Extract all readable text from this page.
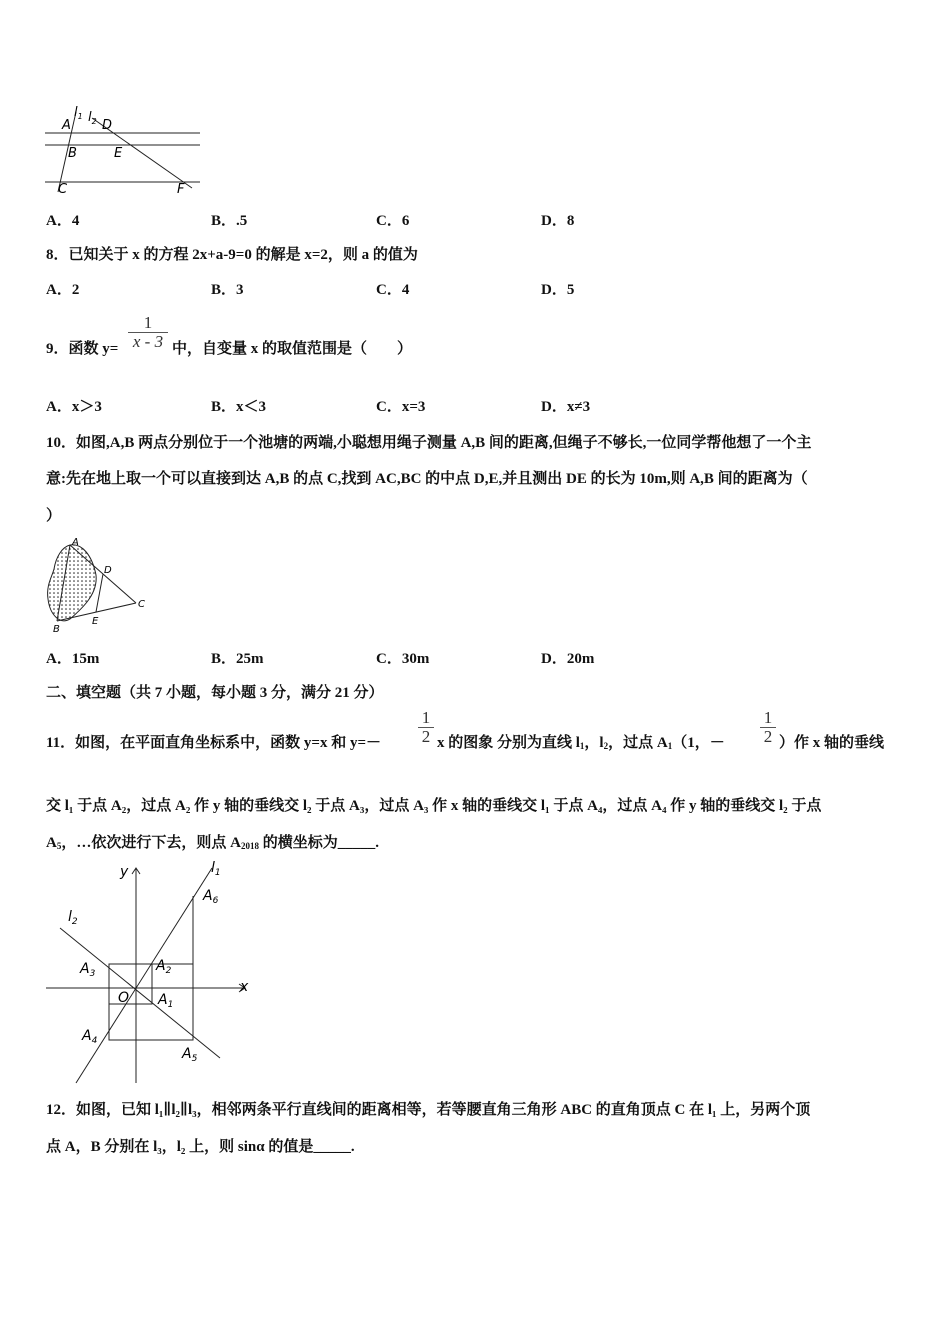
$l_1$ $l_2$
A D
B	E
C	F
A．4	B．.5	C．6	D．8
8．已知关于 x 的方程 2x+a-9=0 的解是 x=2，则 a 的值为
A．2	B．3	C．4	D．5
9．函数 y=
1
x - 3 中，自变量 x 的取值范围是（　　）
A．x＞3	B．x＜3	C．x=3	D．x≠3
10．如图,A,B 两点分别位于一个池塘的两端,小聪想用绳子测量 A,B 间的距离,但绳子不够长,一位同学帮他想了一个主
意:先在地上取一个可以直接到达 A,B 的点 C,找到 AC,BC 的中点 D,E,并且测出 DE 的长为 10m,则 A,B 间的距离为（
）
A
B
C
D
E
A．15m	B．25m	C．30m	D．20m
二、填空题（共 7 小题，每小题 3 分，满分 21 分）
11．如图，在平面直角坐标系中，函数 y=x 和 y=－
1
2 x 的图象 分别为直线 $l_1$，$l_2$，过点 $A_1(1$，－
1
2 ）作 x 轴的垂线
交 l₁ 于点 A₂，过点 A₂ 作 y 轴的垂线交 l₂ 于点 A₃，过点 A₃ 作 x 轴的垂线交 l₁ 于点 A₄，过点 A₄ 作 y 轴的垂线交 l₂ 于点
$A_5$，…依次进行下去，则点 $A_{2018}$ 的横坐标为_____.
y
x
O
$l_1$
$l_2$
$A_1$
$A_2$
$A_3$
$A_4$
$A_5$
$A_6$
12．如图，已知 l₁∥l₂∥l₃，相邻两条平行直线间的距离相等，若等腰直角三角形 ABC 的直角顶点 C 在 l₁ 上，另两个顶
点 A，B 分别在 l₃，l₂ 上，则 sinα 的值是_____.
